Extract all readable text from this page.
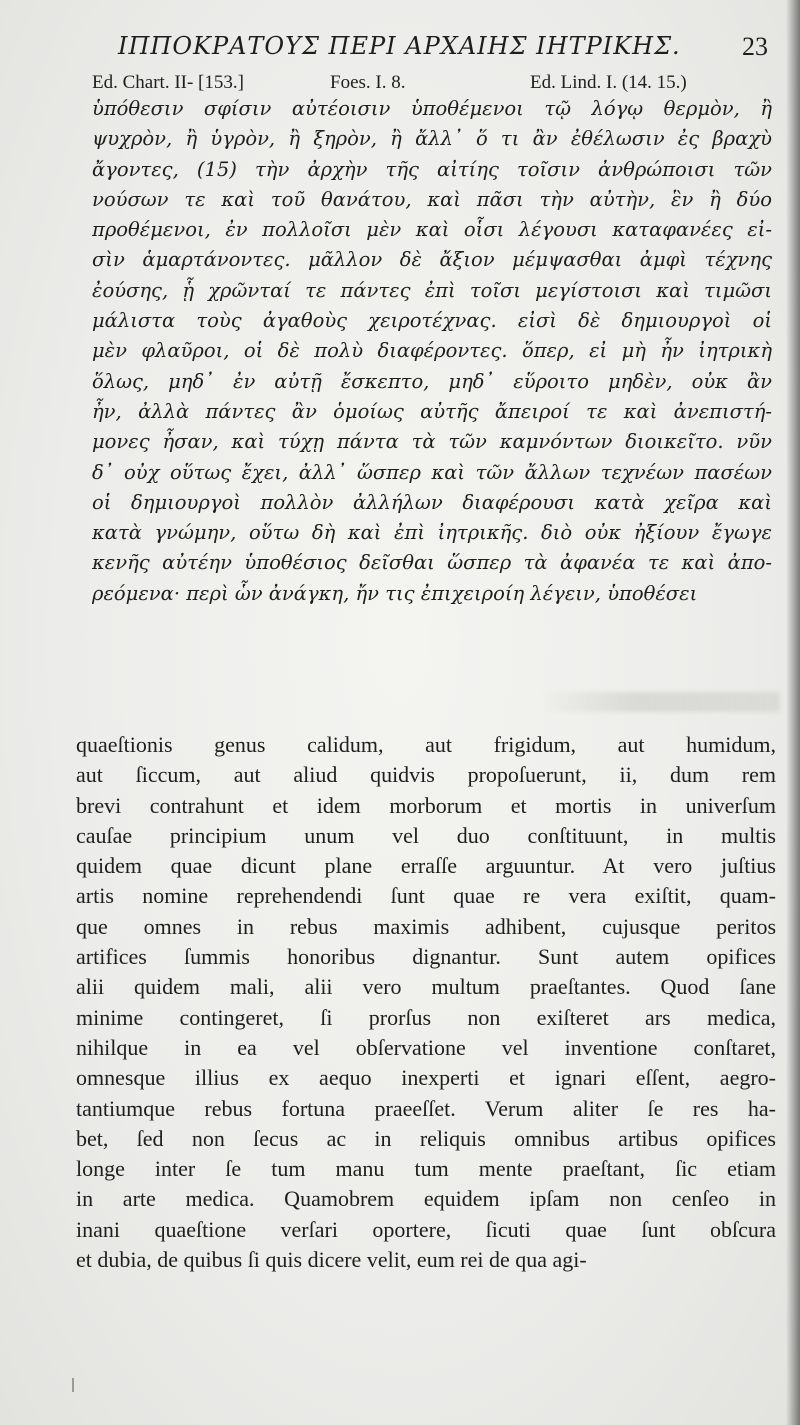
ΙΠΠΟΚΡΑΤΟΥΣ ΠΕΡΙ ΑΡΧΑΙΗΣ ΙΗΤΡΙΚΗΣ. 23
Ed. Chart. II- [153.]	Foes. I. 8.	Ed. Lind. I. (14. 15.)
ὑπόθεσιν σφίσιν αὐτέοισιν ὑποθέμενοι τῷ λόγῳ θερμὸν, ἢ
ψυχρὸν, ἢ ὑγρὸν, ἢ ξηρὸν, ἢ ἄλλ᾿ ὅ τι ἂν ἐθέλωσιν ἐς βραχὺ
ἄγοντες, (15) τὴν ἀρχὴν τῆς αἰτίης τοῖσιν ἀνθρώποισι τῶν
νούσων τε καὶ τοῦ θανάτου, καὶ πᾶσι τὴν αὐτὴν, ἓν ἢ δύο
προθέμενοι, ἐν πολλοῖσι μὲν καὶ οἷσι λέγουσι καταφανέες εἰ-
σὶν ἁμαρτάνοντες. μᾶλλον δὲ ἄξιον μέμψασθαι ἀμφὶ τέχνης
ἐούσης, ᾗ χρῶνταί τε πάντες ἐπὶ τοῖσι μεγίστοισι καὶ τιμῶσι
μάλιστα τοὺς ἀγαθοὺς χειροτέχνας. εἰσὶ δὲ δημιουργοὶ οἱ
μὲν φλαῦροι, οἱ δὲ πολὺ διαφέροντες. ὅπερ, εἰ μὴ ἦν ἰητρικὴ
ὅλως, μηδ᾿ ἐν αὐτῇ ἔσκεπτο, μηδ᾿ εὕροιτο μηδὲν, οὐκ ἂν
ἦν, ἀλλὰ πάντες ἂν ὁμοίως αὐτῆς ἄπειροί τε καὶ ἀνεπιστή-
μονες ἦσαν, καὶ τύχῃ πάντα τὰ τῶν καμνόντων διοικεῖτο. νῦν
δ᾿ οὐχ οὕτως ἔχει, ἀλλ᾿ ὥσπερ καὶ τῶν ἄλλων τεχνέων πασέων
οἱ δημιουργοὶ πολλὸν ἀλλήλων διαφέρουσι κατὰ χεῖρα καὶ
κατὰ γνώμην, οὕτω δὴ καὶ ἐπὶ ἰητρικῆς. διὸ οὐκ ἠξίουν ἔγωγε
κενῆς αὐτέην ὑποθέσιος δεῖσθαι ὥσπερ τὰ ἀφανέα τε καὶ ἀπο-
ρεόμενα· περὶ ὧν ἀνάγκη, ἤν τις ἐπιχειροίη λέγειν, ὑποθέσει
quaeſtionis genus calidum, aut frigidum, aut humidum,
aut ſiccum, aut aliud quidvis propoſuerunt, ii, dum rem
brevi contrahunt et idem morborum et mortis in univerſum
cauſae principium unum vel duo conſtituunt, in multis
quidem quae dicunt plane erraſſe arguuntur. At vero juſtius
artis nomine reprehendendi ſunt quae re vera exiſtit, quam-
que omnes in rebus maximis adhibent, cujusque peritos
artifices ſummis honoribus dignantur. Sunt autem opifices
alii quidem mali, alii vero multum praeſtantes. Quod ſane
minime contingeret, ſi prorſus non exiſteret ars medica,
nihilque in ea vel obſervatione vel inventione conſtaret,
omnesque illius ex aequo inexperti et ignari eſſent, aegro-
tantiumque rebus fortuna praeeſſet. Verum aliter ſe res ha-
bet, ſed non ſecus ac in reliquis omnibus artibus opifices
longe inter ſe tum manu tum mente praeſtant, ſic etiam
in arte medica. Quamobrem equidem ipſam non cenſeo in
inani quaeſtione verſari oportere, ſicuti quae ſunt obſcura
et dubia, de quibus ſi quis dicere velit, eum rei de qua agi-
